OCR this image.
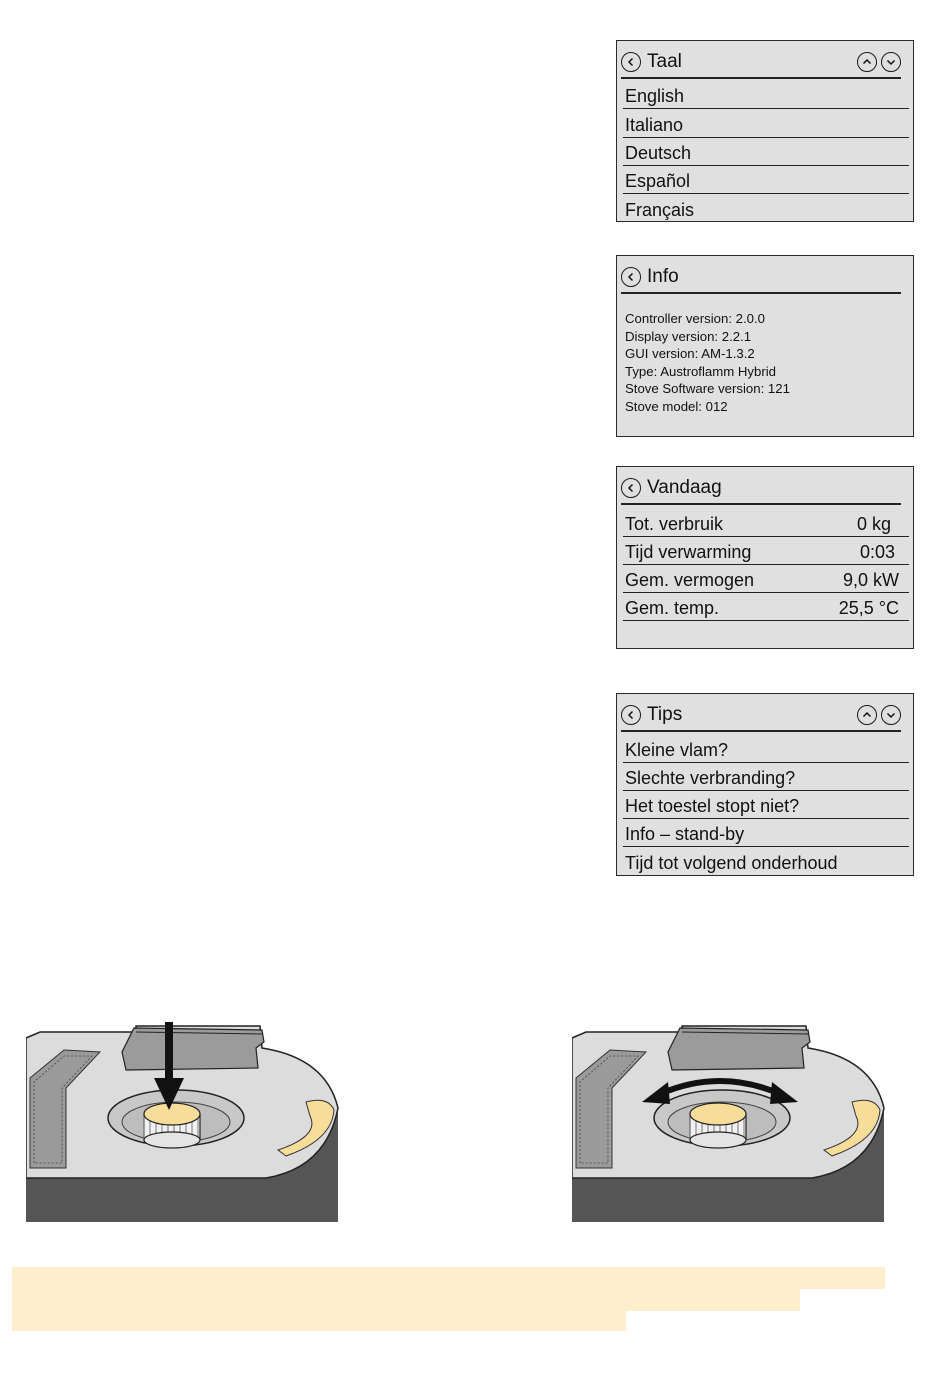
Taal
English
Italiano
Deutsch
Español
Français
Info
Controller version: 2.0.0
Display version: 2.2.1
GUI version: AM-1.3.2
Type: Austroflamm Hybrid
Stove Software version: 121
Stove model: 012
Vandaag
Tot. verbruik	0 kg
Tijd verwarming	0:03
Gem. vermogen	9,0 kW
Gem. temp.	25,5 °C
Tips
Kleine vlam?
Slechte verbranding?
Het toestel stopt niet?
Info – stand-by
Tijd tot volgend onderhoud
